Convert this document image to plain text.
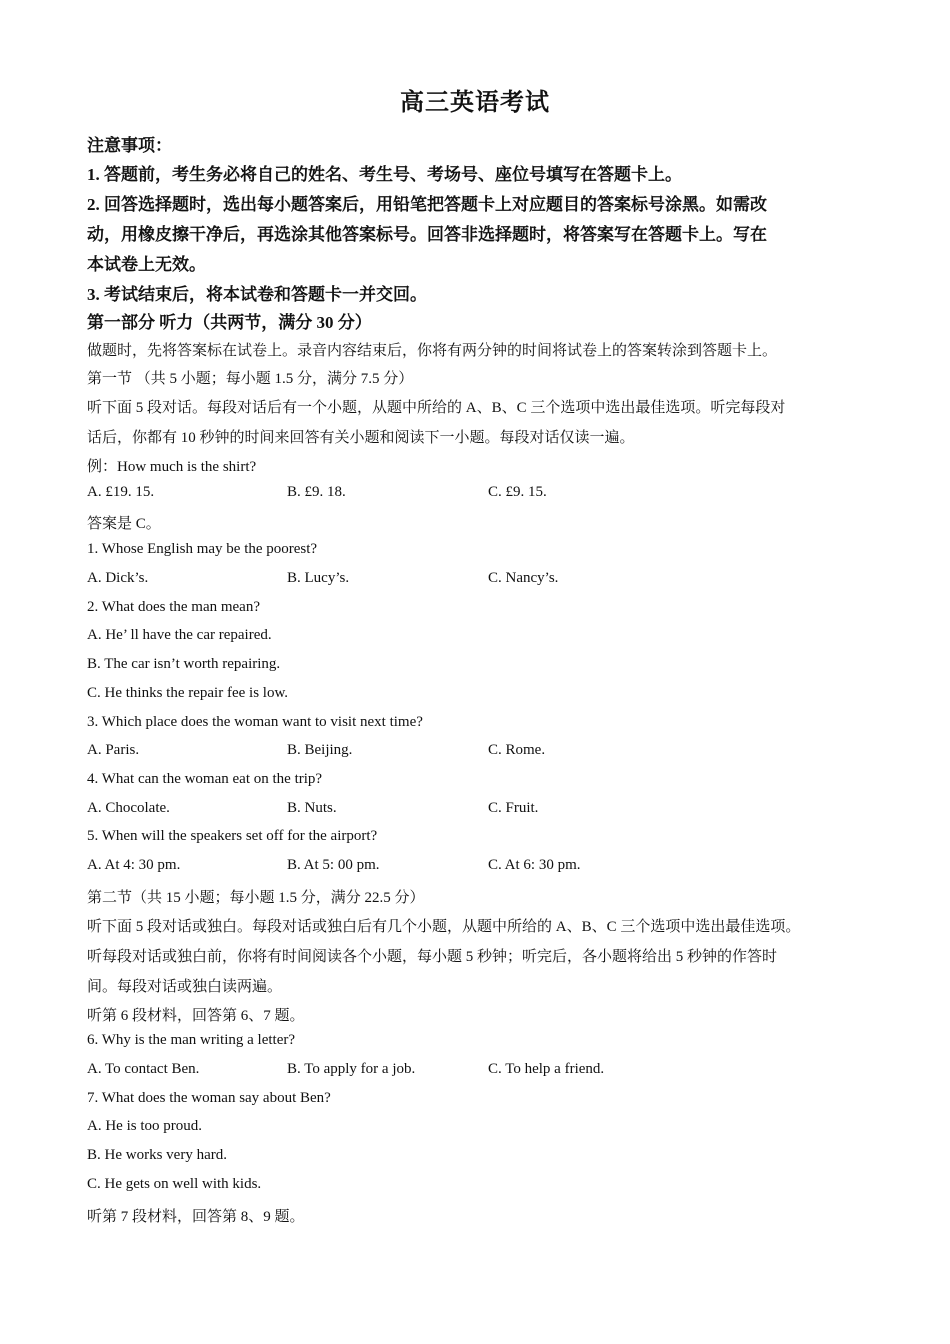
高三英语考试
注意事项：
1. 答题前，考生务必将自己的姓名、考生号、考场号、座位号填写在答题卡上。
2. 回答选择题时，选出每小题答案后，用铅笔把答题卡上对应题目的答案标号涂黑。如需改
动，用橡皮擦干净后，再选涂其他答案标号。回答非选择题时，将答案写在答题卡上。写在
本试卷上无效。
3. 考试结束后，将本试卷和答题卡一并交回。
第一部分 听力（共两节，满分 30 分）
做题时，先将答案标在试卷上。录音内容结束后，你将有两分钟的时间将试卷上的答案转涂到答题卡上。
第一节 （共 5 小题；每小题 1.5 分，满分 7.5 分）
听下面 5 段对话。每段对话后有一个小题，从题中所给的 A、B、C 三个选项中选出最佳选项。听完每段对
话后，你都有 10 秒钟的时间来回答有关小题和阅读下一小题。每段对话仅读一遍。
例：How much is the shirt?
A. £19. 15.	B. £9. 18.	C. £9. 15.
答案是 C。
1. Whose English may be the poorest?
A. Dick’s.	B. Lucy’s.	C. Nancy’s.
2. What does the man mean?
A. He’ ll have the car repaired.
B. The car isn’t worth repairing.
C. He thinks the repair fee is low.
3. Which place does the woman want to visit next time?
A. Paris.	B. Beijing.	C. Rome.
4. What can the woman eat on the trip?
A. Chocolate.	B. Nuts.	C. Fruit.
5. When will the speakers set off for the airport?
A. At 4: 30 pm.	B. At 5: 00 pm.	C. At 6: 30 pm.
第二节（共 15 小题；每小题 1.5 分，满分 22.5 分）
听下面 5 段对话或独白。每段对话或独白后有几个小题，从题中所给的 A、B、C 三个选项中选出最佳选项。
听每段对话或独白前，你将有时间阅读各个小题，每小题 5 秒钟；听完后，各小题将给出 5 秒钟的作答时
间。每段对话或独白读两遍。
听第 6 段材料，回答第 6、7 题。
6. Why is the man writing a letter?
A. To contact Ben.	B. To apply for a job.	C. To help a friend.
7. What does the woman say about Ben?
A. He is too proud.
B. He works very hard.
C. He gets on well with kids.
听第 7 段材料，回答第 8、9 题。
